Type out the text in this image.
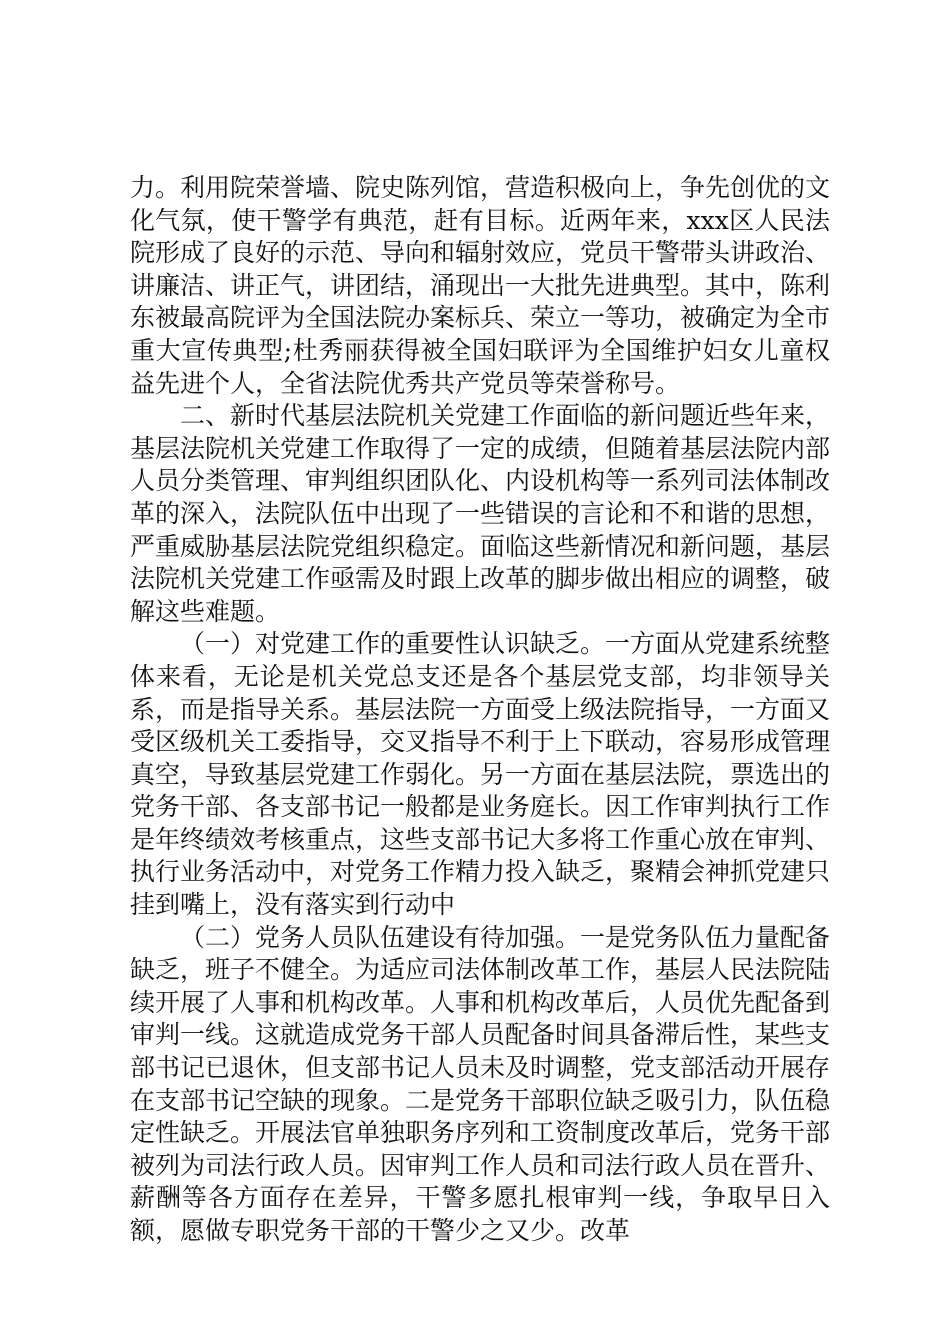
力。利用院荣誉墙、院史陈列馆，营造积极向上，争先创优的文化气氛，使干警学有典范，赶有目标。近两年来，xxx区人民法院形成了良好的示范、导向和辐射效应，党员干警带头讲政治、讲廉洁、讲正气，讲团结，涌现出一大批先进典型。其中，陈利东被最高院评为全国法院办案标兵、荣立一等功，被确定为全市重大宣传典型;杜秀丽获得被全国妇联评为全国维护妇女儿童权益先进个人，全省法院优秀共产党员等荣誉称号。

二、新时代基层法院机关党建工作面临的新问题近些年来，基层法院机关党建工作取得了一定的成绩，但随着基层法院内部人员分类管理、审判组织团队化、内设机构等一系列司法体制改革的深入，法院队伍中出现了一些错误的言论和不和谐的思想，严重威胁基层法院党组织稳定。面临这些新情况和新问题，基层法院机关党建工作亟需及时跟上改革的脚步做出相应的调整，破解这些难题。

（一）对党建工作的重要性认识缺乏。一方面从党建系统整体来看，无论是机关党总支还是各个基层党支部，均非领导关系，而是指导关系。基层法院一方面受上级法院指导，一方面又受区级机关工委指导，交叉指导不利于上下联动，容易形成管理真空，导致基层党建工作弱化。另一方面在基层法院，票选出的党务干部、各支部书记一般都是业务庭长。因工作审判执行工作是年终绩效考核重点，这些支部书记大多将工作重心放在审判、执行业务活动中，对党务工作精力投入缺乏，聚精会神抓党建只挂到嘴上，没有落实到行动中

（二）党务人员队伍建设有待加强。一是党务队伍力量配备缺乏，班子不健全。为适应司法体制改革工作，基层人民法院陆续开展了人事和机构改革。人事和机构改革后，人员优先配备到审判一线。这就造成党务干部人员配备时间具备滞后性，某些支部书记已退休，但支部书记人员未及时调整，党支部活动开展存在支部书记空缺的现象。二是党务干部职位缺乏吸引力，队伍稳定性缺乏。开展法官单独职务序列和工资制度改革后，党务干部被列为司法行政人员。因审判工作人员和司法行政人员在晋升、薪酬等各方面存在差异，干警多愿扎根审判一线，争取早日入额，愿做专职党务干部的干警少之又少。改革
